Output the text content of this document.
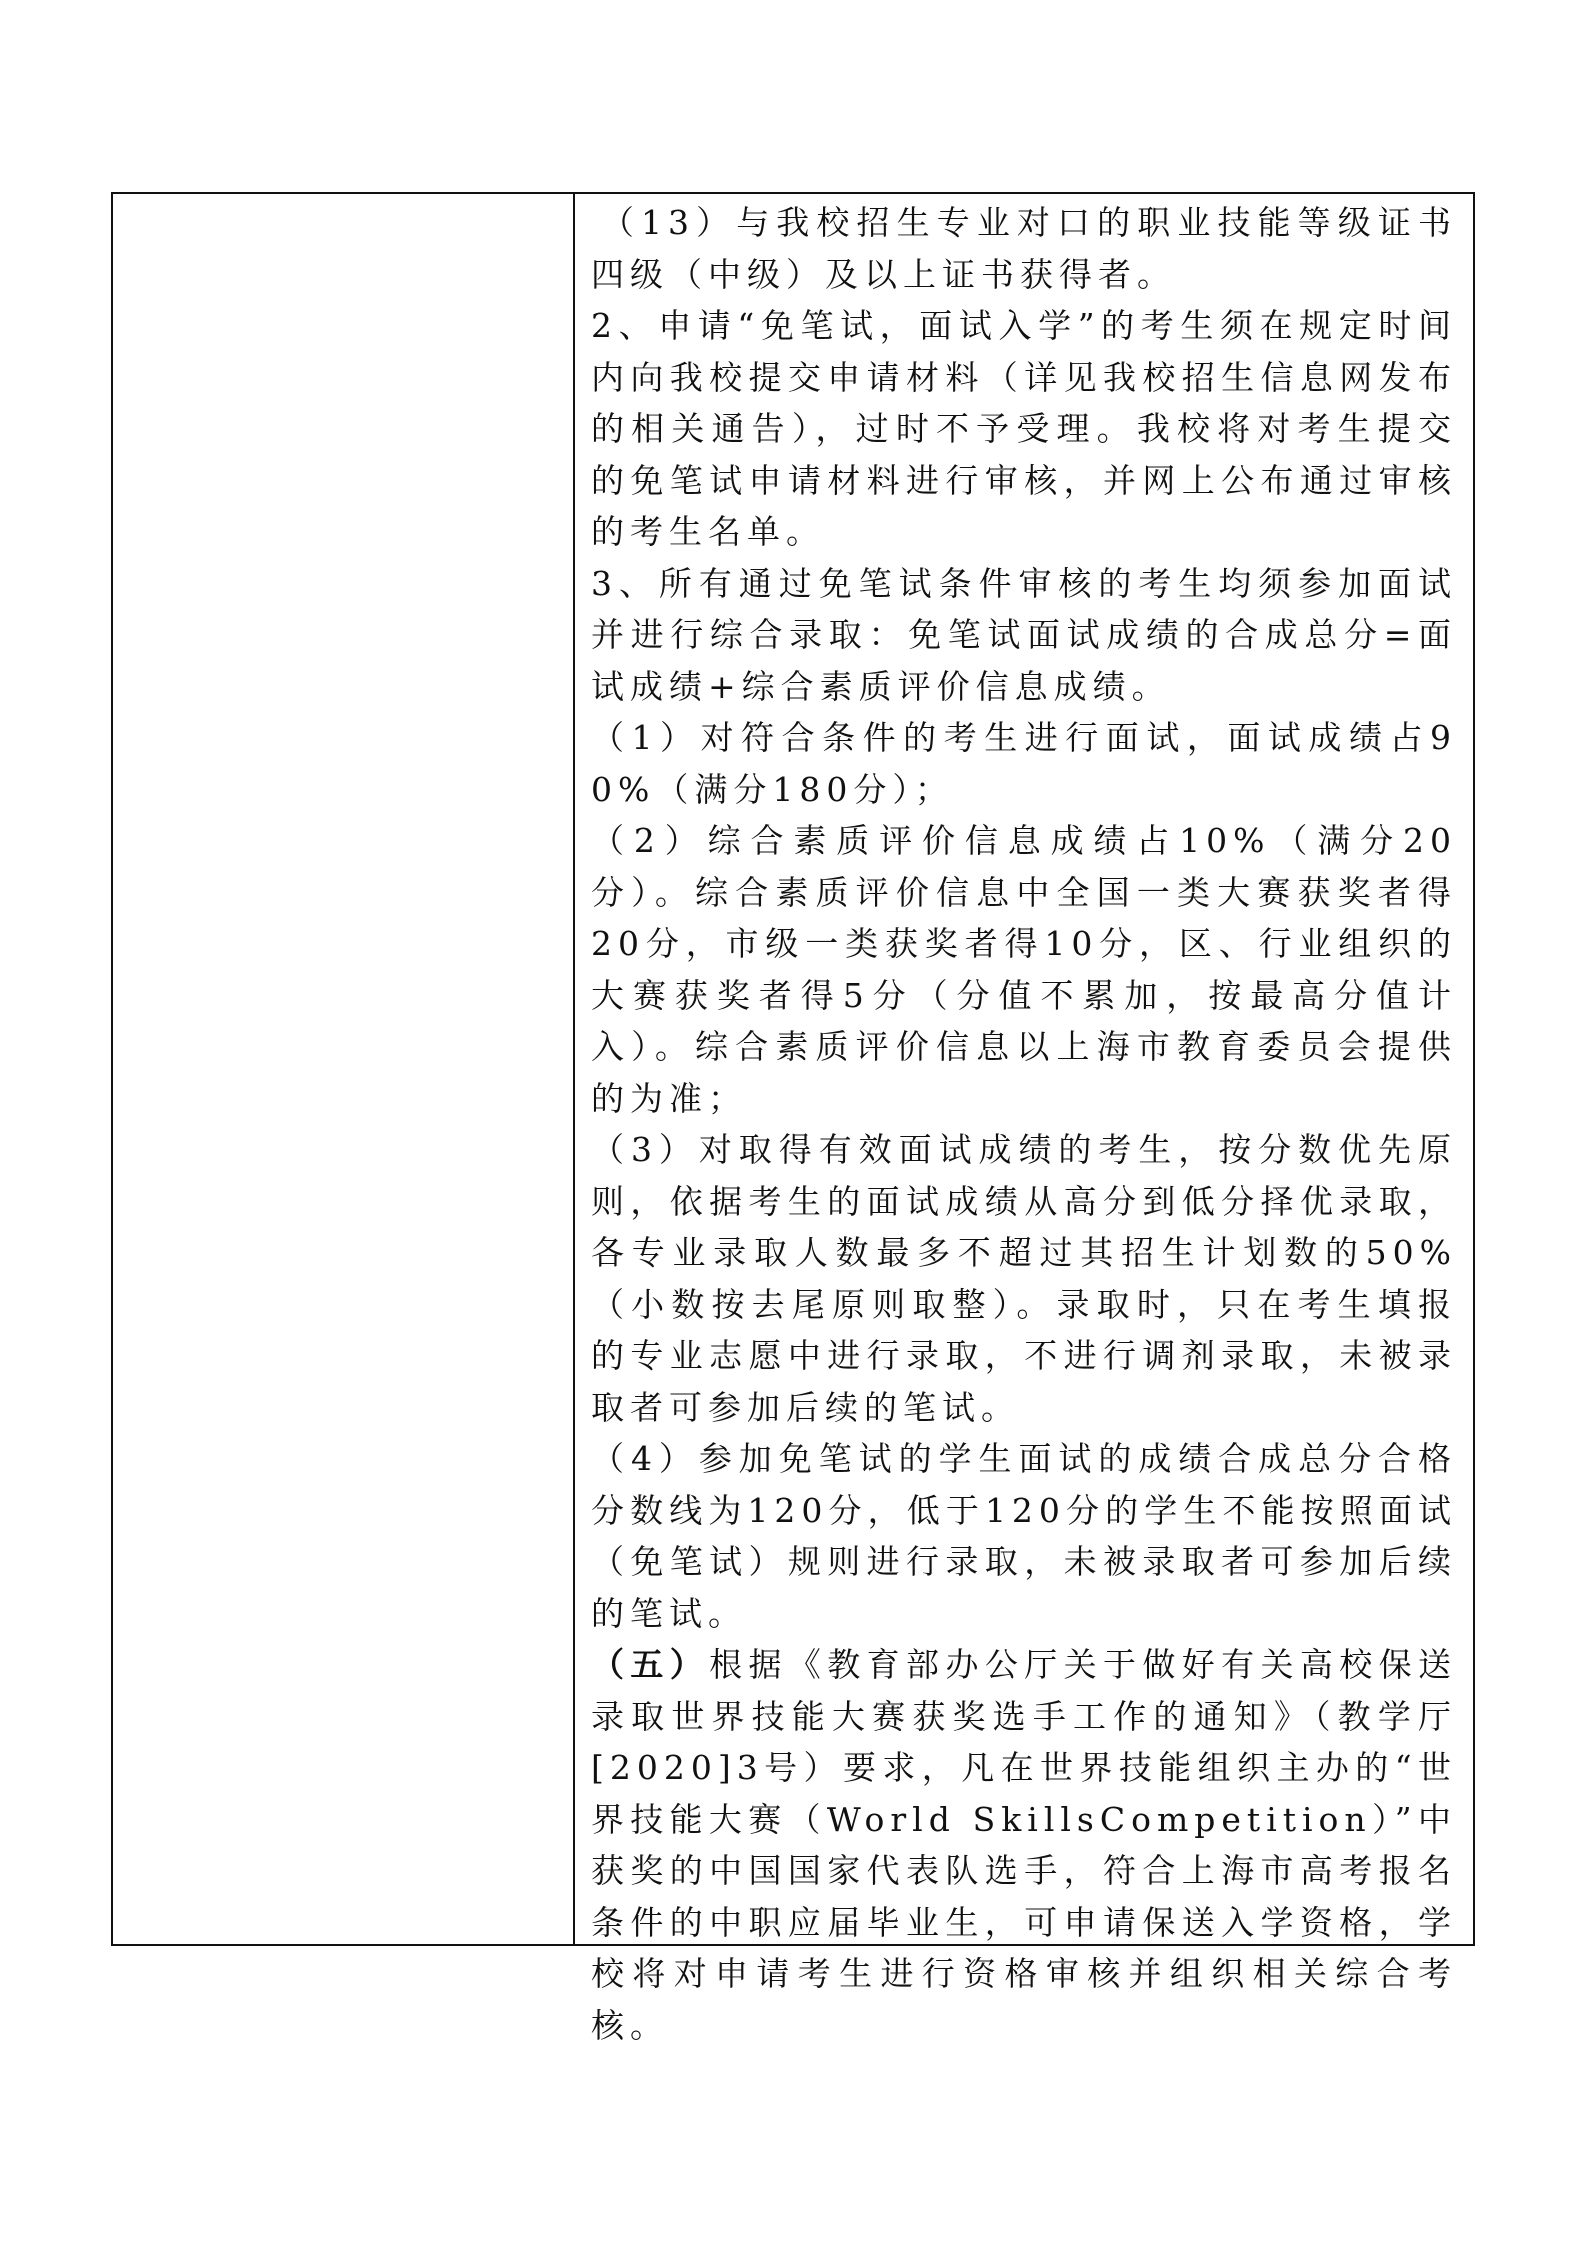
（13）与我校招生专业对口的职业技能等级证书四级（中级）及以上证书获得者。

2、申请“免笔试，面试入学”的考生须在规定时间内向我校提交申请材料（详见我校招生信息网发布的相关通告），过时不予受理。我校将对考生提交的免笔试申请材料进行审核，并网上公布通过审核的考生名单。

3、所有通过免笔试条件审核的考生均须参加面试并进行综合录取：免笔试面试成绩的合成总分=面试成绩+综合素质评价信息成绩。

（1）对符合条件的考生进行面试，面试成绩占90%（满分180分）；

（2）综合素质评价信息成绩占10%（满分20分）。综合素质评价信息中全国一类大赛获奖者得20分，市级一类获奖者得10分，区、行业组织的大赛获奖者得5分（分值不累加，按最高分值计入）。综合素质评价信息以上海市教育委员会提供的为准；

（3）对取得有效面试成绩的考生，按分数优先原则，依据考生的面试成绩从高分到低分择优录取，各专业录取人数最多不超过其招生计划数的50%（小数按去尾原则取整）。录取时，只在考生填报的专业志愿中进行录取，不进行调剂录取，未被录取者可参加后续的笔试。

（4）参加免笔试的学生面试的成绩合成总分合格分数线为120分，低于120分的学生不能按照面试（免笔试）规则进行录取，未被录取者可参加后续的笔试。

（五）根据《教育部办公厅关于做好有关高校保送录取世界技能大赛获奖选手工作的通知》（教学厅[2020]3号）要求，凡在世界技能组织主办的“世界技能大赛（World SkillsCompetition）”中获奖的中国国家代表队选手，符合上海市高考报名条件的中职应届毕业生，可申请保送入学资格，学校将对申请考生进行资格审核并组织相关综合考核。
